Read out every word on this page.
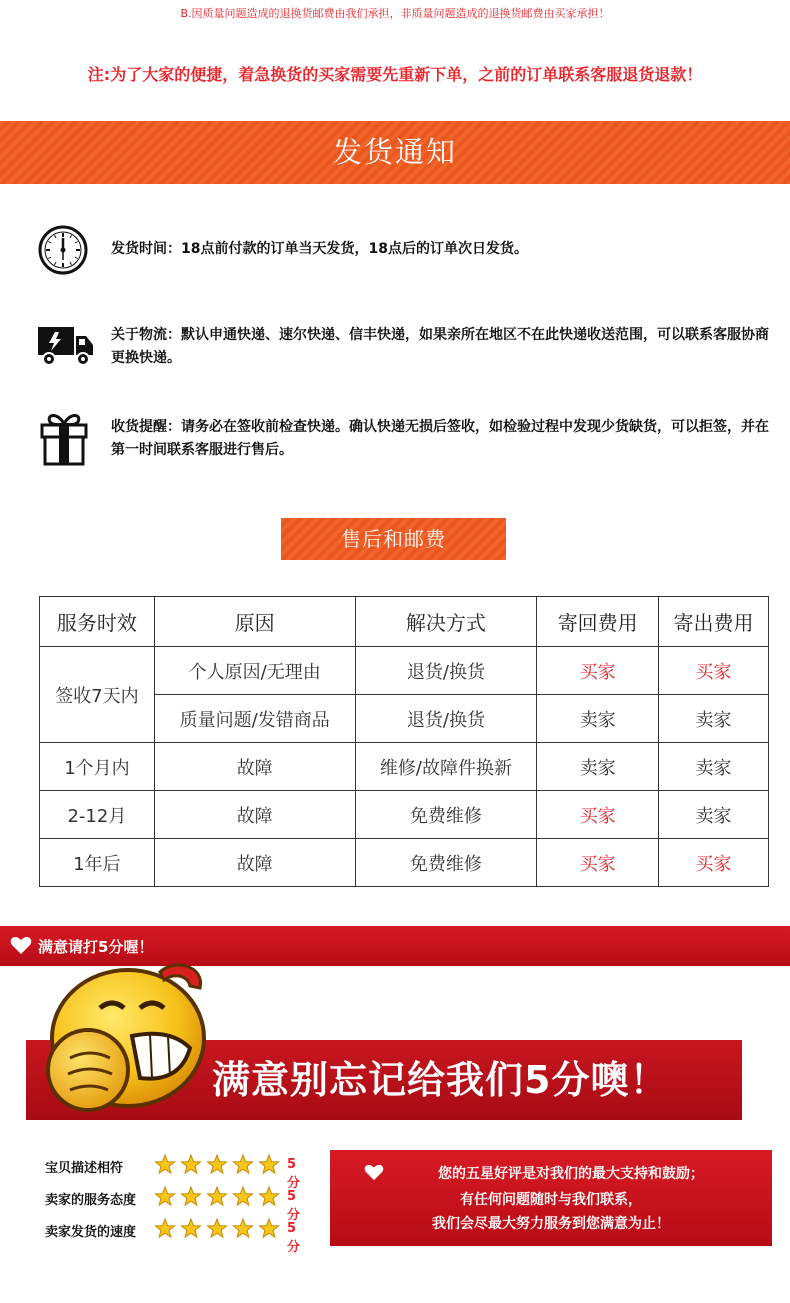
B.因质量问题造成的退换货邮费由我们承担，非质量问题造成的退换货邮费由买家承担！
注:为了大家的便捷，着急换货的买家需要先重新下单，之前的订单联系客服退货退款！
发货通知
发货时间：18点前付款的订单当天发货，18点后的订单次日发货。
关于物流：默认申通快递、速尔快递、信丰快递，如果亲所在地区不在此快递收送范围，可以联系客服协商更换快递。
收货提醒：请务必在签收前检查快递。确认快递无损后签收，如检验过程中发现少货缺货，可以拒签，并在第一时间联系客服进行售后。
售后和邮费
服务时效	原因	解决方式	寄回费用	寄出费用
签收7天内	个人原因/无理由	退货/换货	买家	买家
	质量问题/发错商品	退货/换货	卖家	卖家
1个月内	故障	维修/故障件换新	卖家	卖家
2-12月	故障	免费维修	买家	卖家
1年后	故障	免费维修	买家	买家
满意请打5分喔！
满意别忘记给我们5分噢！
宝贝描述相符	5分
卖家的服务态度	5分
卖家发货的速度	5分
您的五星好评是对我们的最大支持和鼓励；
有任何问题随时与我们联系，
我们会尽最大努力服务到您满意为止！
